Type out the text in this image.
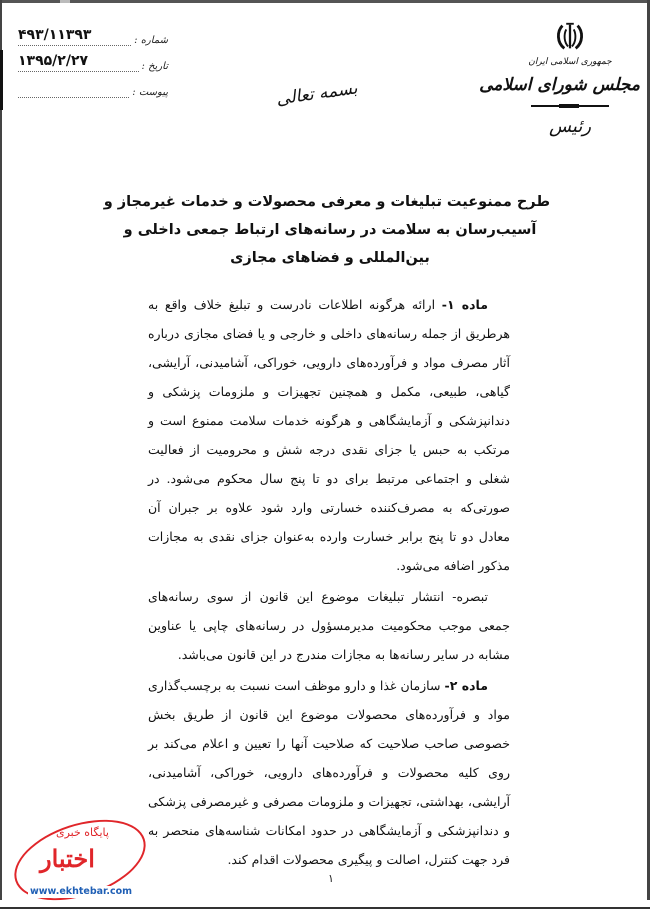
شماره :
۴۹۳/۱۱۳۹۳
تاریخ :
۱۳۹۵/۲/۲۷
پیوست :	بسمه تعالی
جمهوری اسلامی ایران
مجلس شورای اسلامی
رئیس
طرح ممنوعیت تبلیغات و معرفی محصولات و خدمات غیرمجاز و
آسیب‌رسان به سلامت در رسانه‌های ارتباط جمعی داخلی و
بین‌المللی و فضاهای مجازی

ماده ۱- ارائه هرگونه اطلاعات نادرست و تبلیغ خلاف واقع به هرطریق از جمله رسانه‌های داخلی و خارجی و یا فضای مجازی درباره آثار مصرف مواد و فرآورده‌های دارویی، خوراکی، آشامیدنی، آرایشی، گیاهی، طبیعی، مکمل و همچنین تجهیزات و ملزومات پزشکی و دندانپزشکی و آزمایشگاهی و هرگونه خدمات سلامت ممنوع است و مرتکب به حبس یا جزای نقدی درجه شش و محرومیت از فعالیت شغلی و اجتماعی مرتبط برای دو تا پنج سال محکوم می‌شود. در صورتی‌که به مصرف‌کننده خسارتی وارد شود علاوه بر جبران آن معادل دو تا پنج برابر خسارت وارده به‌عنوان جزای نقدی به مجازات مذکور اضافه می‌شود.

تبصره- انتشار تبلیغات موضوع این قانون از سوی رسانه‌های جمعی موجب محکومیت مدیرمسؤول در رسانه‌های چاپی یا عناوین مشابه در سایر رسانه‌ها به مجازات مندرج در این قانون می‌باشد.

ماده ۲- سازمان غذا و دارو موظف است نسبت به برچسب‌گذاری مواد و فرآورده‌های محصولات موضوع این قانون از طریق بخش خصوصی صاحب صلاحیت که صلاحیت آنها را تعیین و اعلام می‌کند بر روی کلیه محصولات و فرآورده‌های دارویی، خوراکی، آشامیدنی، آرایشی، بهداشتی، تجهیزات و ملزومات مصرفی و غیرمصرفی پزشکی و دندانپزشکی و آزمایشگاهی در حدود امکانات شناسه‌های منحصر به فرد جهت کنترل، اصالت و پیگیری محصولات اقدام کند.

۱
پایگاه خبری
اختبار
www.ekhtebar.com
